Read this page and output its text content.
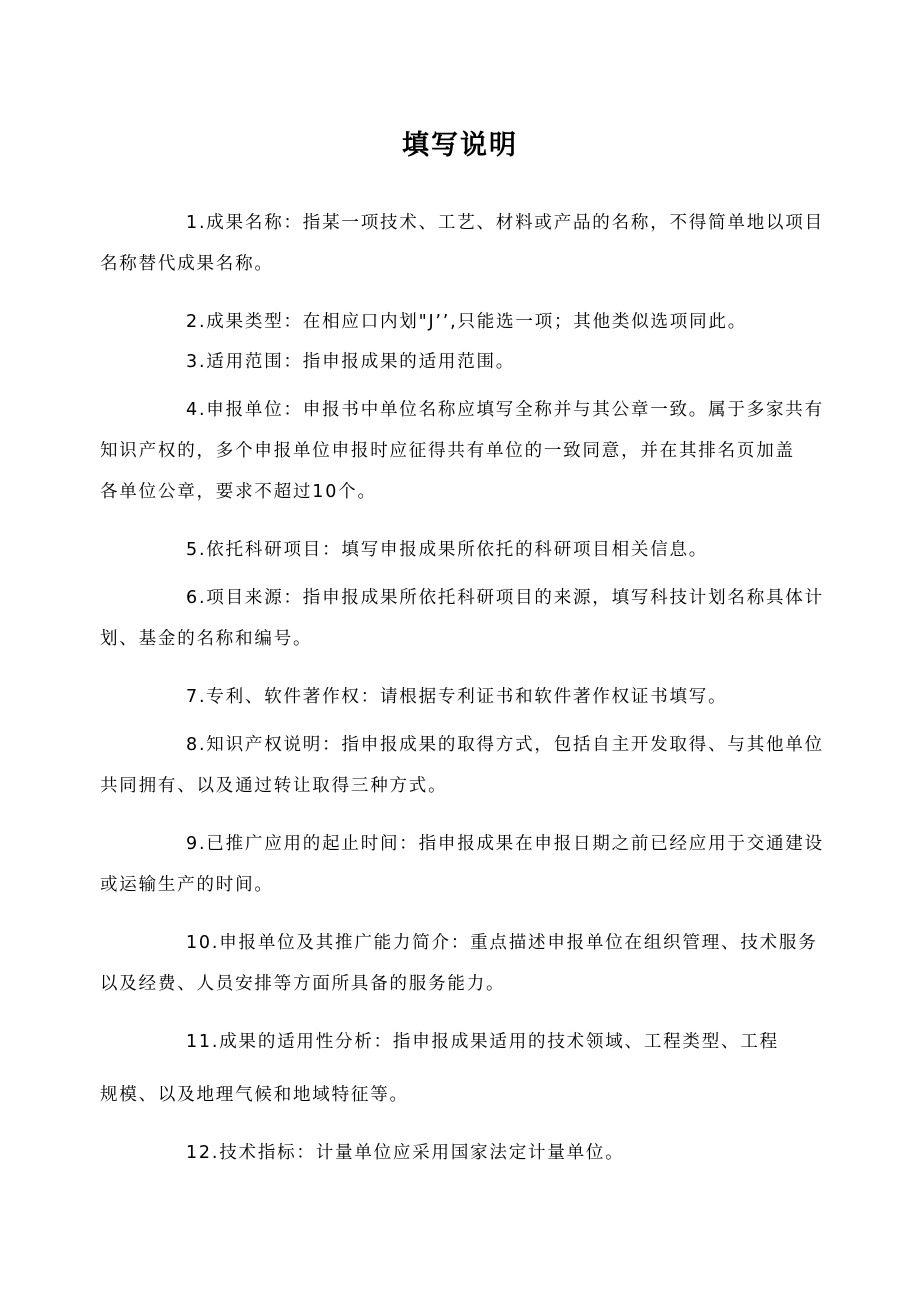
填写说明

1.成果名称：指某一项技术、工艺、材料或产品的名称，不得简单地以项目
名称替代成果名称。

2.成果类型：在相应口内划"J’’,只能选一项；其他类似选项同此。

3.适用范围：指申报成果的适用范围。

4.申报单位：申报书中单位名称应填写全称并与其公章一致。属于多家共有
知识产权的，多个申报单位申报时应征得共有单位的一致同意，并在其排名页加盖
各单位公章，要求不超过10个。

5.依托科研项目：填写申报成果所依托的科研项目相关信息。

6.项目来源：指申报成果所依托科研项目的来源，填写科技计划名称具体计
划、基金的名称和编号。

7.专利、软件著作权：请根据专利证书和软件著作权证书填写。

8.知识产权说明：指申报成果的取得方式，包括自主开发取得、与其他单位
共同拥有、以及通过转让取得三种方式。

9.已推广应用的起止时间：指申报成果在申报日期之前已经应用于交通建设
或运输生产的时间。

10.申报单位及其推广能力简介：重点描述申报单位在组织管理、技术服务
以及经费、人员安排等方面所具备的服务能力。

11.成果的适用性分析：指申报成果适用的技术领域、工程类型、工程
规模、以及地理气候和地域特征等。

12.技术指标：计量单位应采用国家法定计量单位。
